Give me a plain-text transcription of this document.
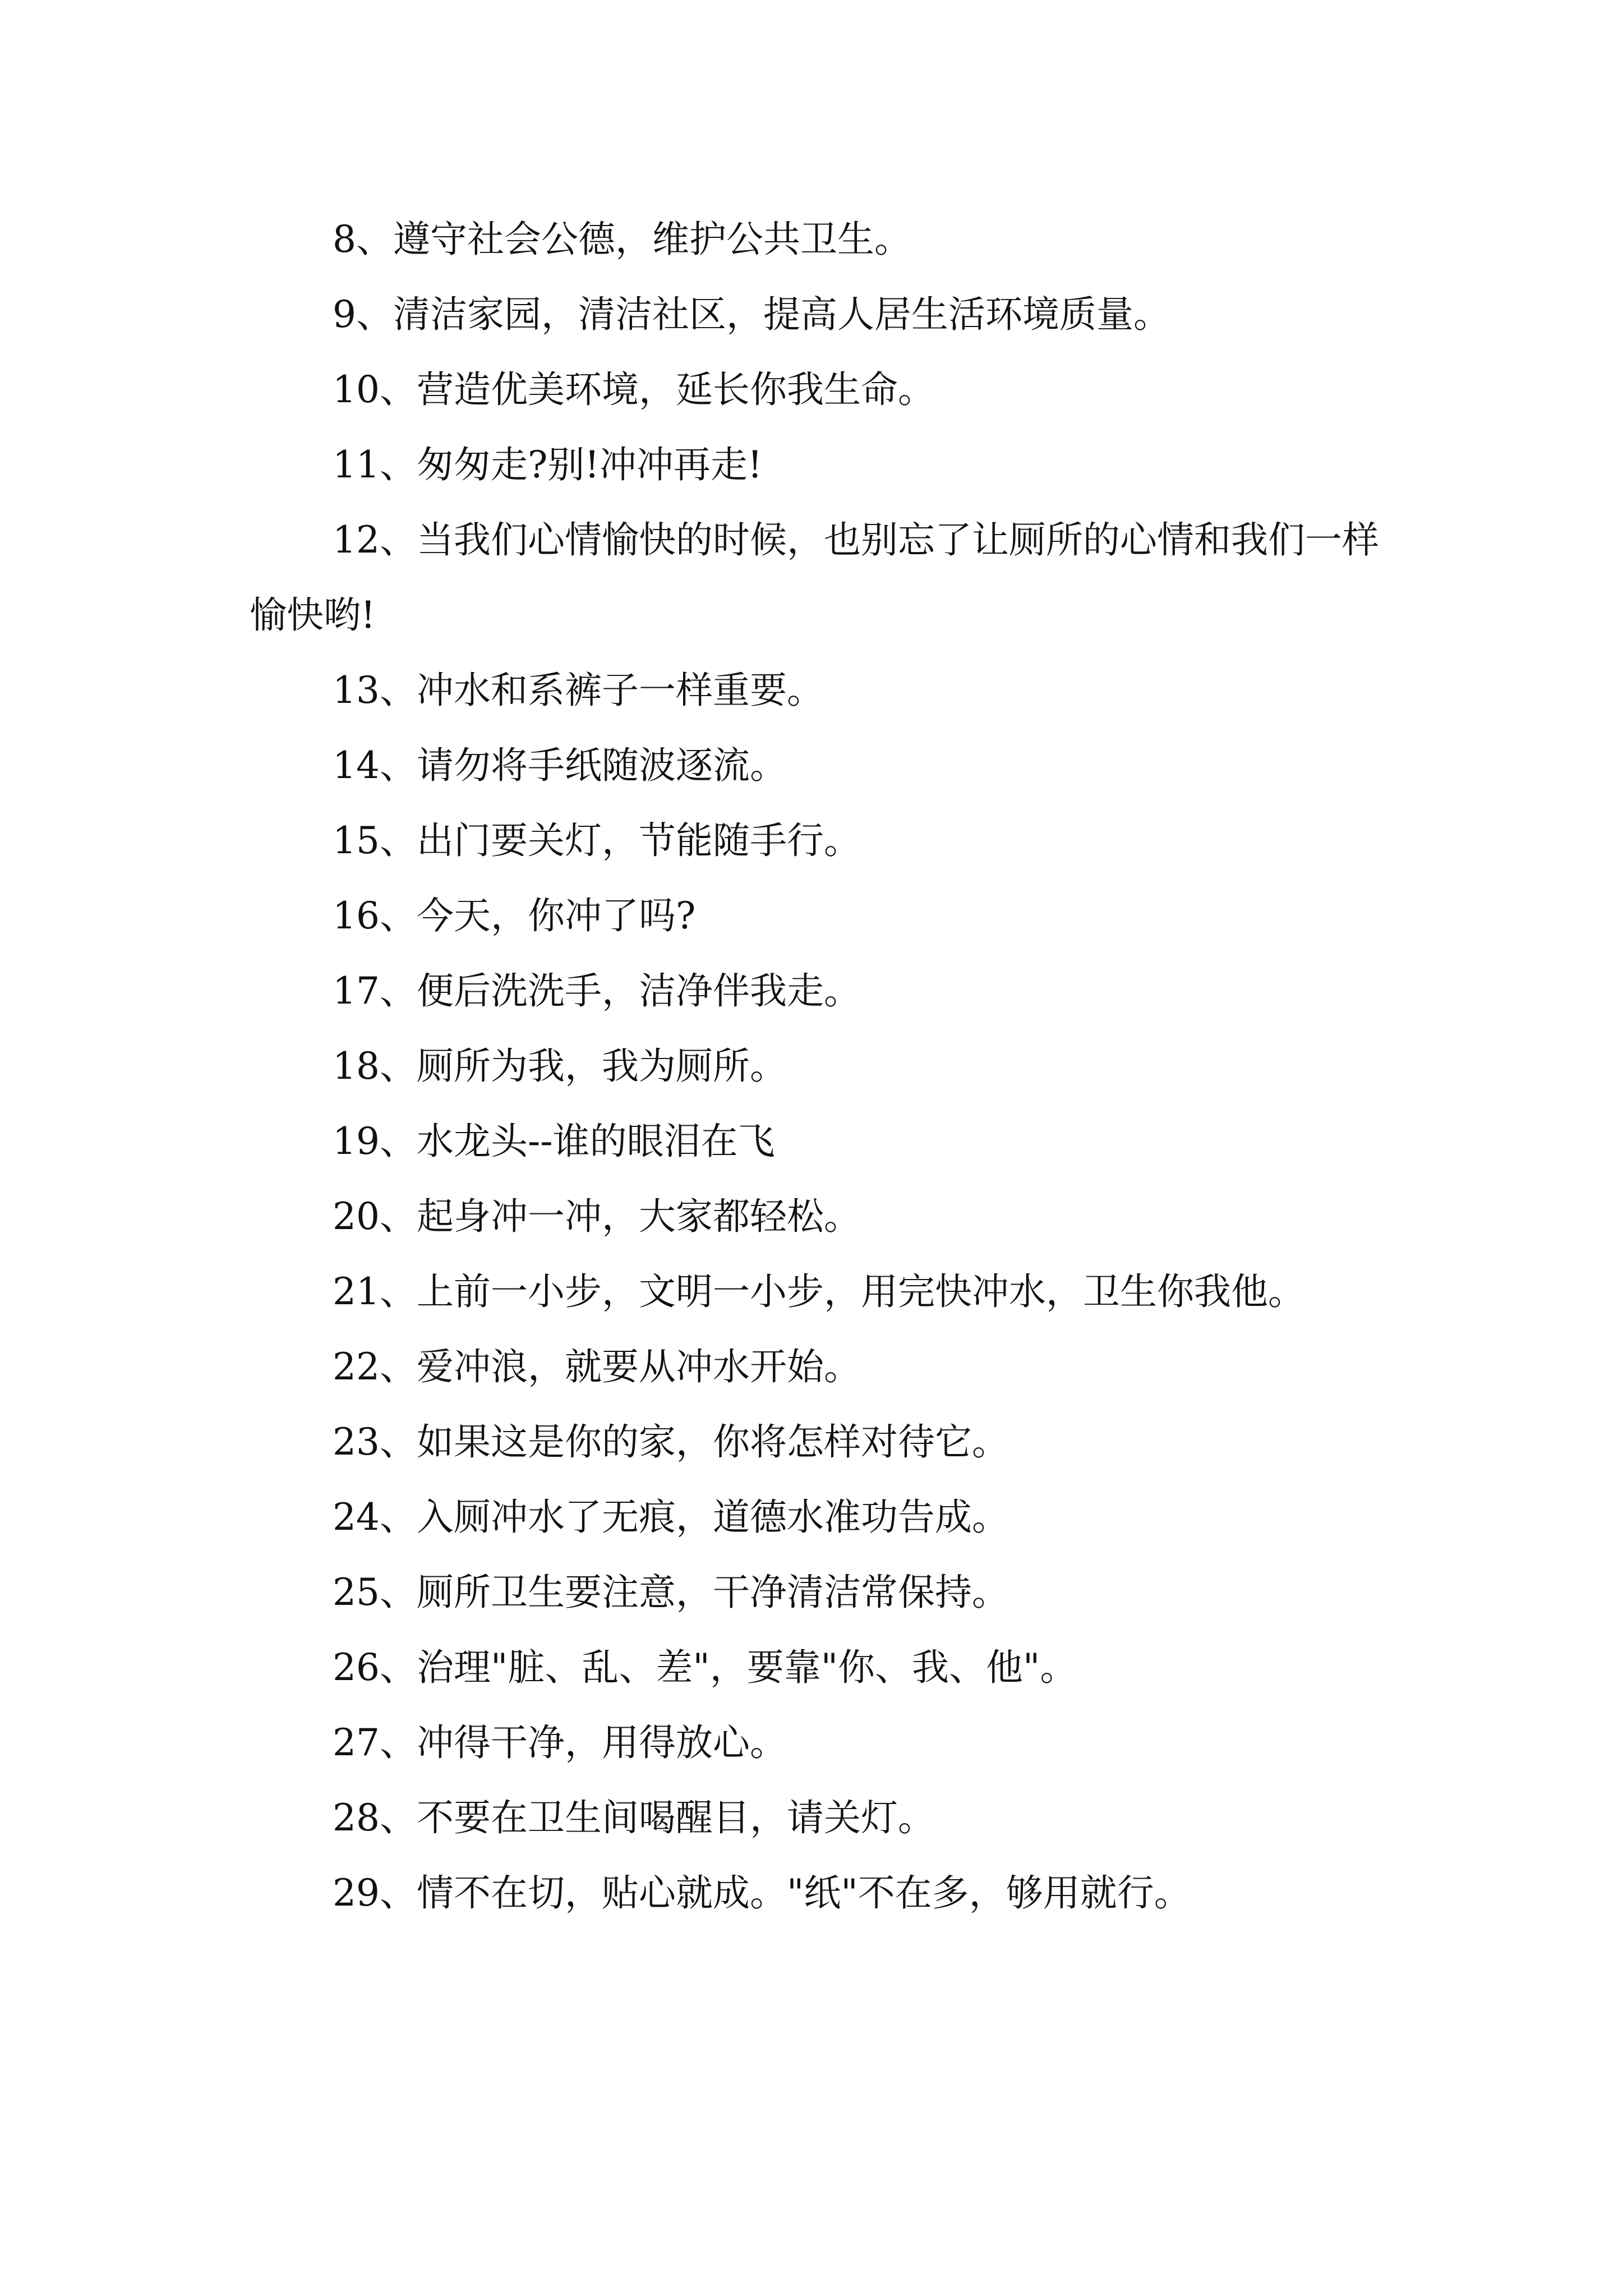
8、遵守社会公德，维护公共卫生。

9、清洁家园，清洁社区，提高人居生活环境质量。

10、营造优美环境，延长你我生命。

11、匆匆走?别!冲冲再走!

12、当我们心情愉快的时候，也别忘了让厕所的心情和我们一样愉快哟!

13、冲水和系裤子一样重要。

14、请勿将手纸随波逐流。

15、出门要关灯，节能随手行。

16、今天，你冲了吗?

17、便后洗洗手，洁净伴我走。

18、厕所为我，我为厕所。

19、水龙头--谁的眼泪在飞

20、起身冲一冲，大家都轻松。

21、上前一小步，文明一小步，用完快冲水，卫生你我他。

22、爱冲浪，就要从冲水开始。

23、如果这是你的家，你将怎样对待它。

24、入厕冲水了无痕，道德水准功告成。

25、厕所卫生要注意，干净清洁常保持。

26、治理"脏、乱、差"，要靠"你、我、他"。

27、冲得干净，用得放心。

28、不要在卫生间喝醒目，请关灯。

29、情不在切，贴心就成。"纸"不在多，够用就行。
